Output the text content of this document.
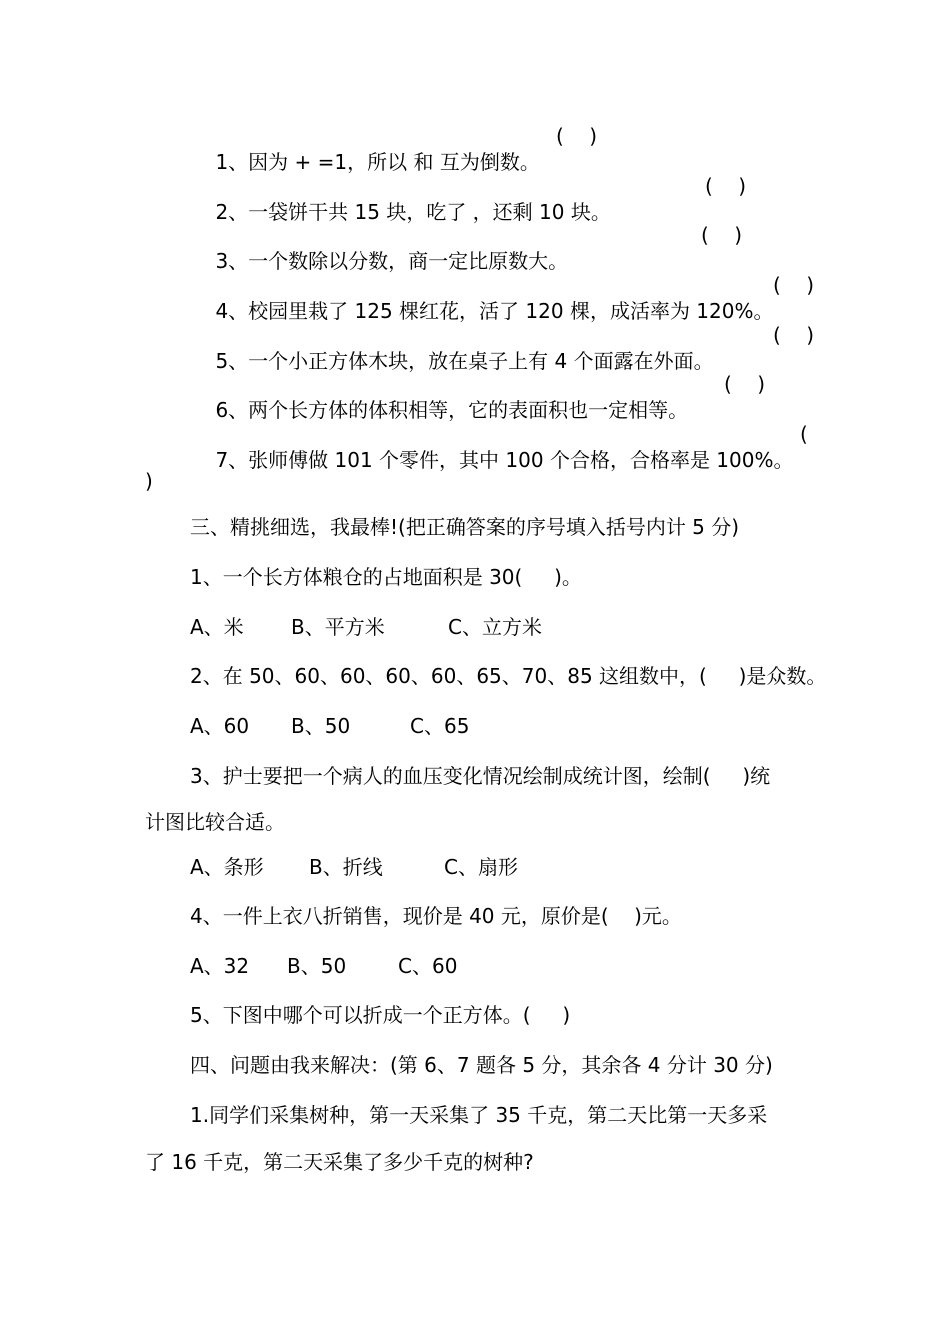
1、因为 + =1，所以 和 互为倒数。

(    )

2、一袋饼干共 15 块，吃了 ，还剩 10 块。

(    )

3、一个数除以分数，商一定比原数大。

(    )

4、校园里栽了 125 棵红花，活了 120 棵，成活率为 120%。

(    )

5、一个小正方体木块，放在桌子上有 4 个面露在外面。

(    )

6、两个长方体的体积相等，它的表面积也一定相等。

(    )

7、张师傅做 101 个零件，其中 100 个合格，合格率是 100%。

(
)
三、精挑细选，我最棒!(把正确答案的序号填入括号内计 5 分)
1、一个长方体粮仓的占地面积是 30(     )。
A、米 B、平方米	C、立方米
2、在 50、60、60、60、60、65、70、85 这组数中，(     )是众数。
A、60 B、50	C、65
3、护士要把一个病人的血压变化情况绘制成统计图，绘制(     )统
计图比较合适。
A、条形 B、折线	C、扇形
4、一件上衣八折销售，现价是 40 元，原价是(    )元。
A、32 B、50	C、60
5、下图中哪个可以折成一个正方体。(     )
四、问题由我来解决：(第 6、7 题各 5 分，其余各 4 分计 30 分)
1.同学们采集树种，第一天采集了 35 千克，第二天比第一天多采
了 16 千克，第二天采集了多少千克的树种?
